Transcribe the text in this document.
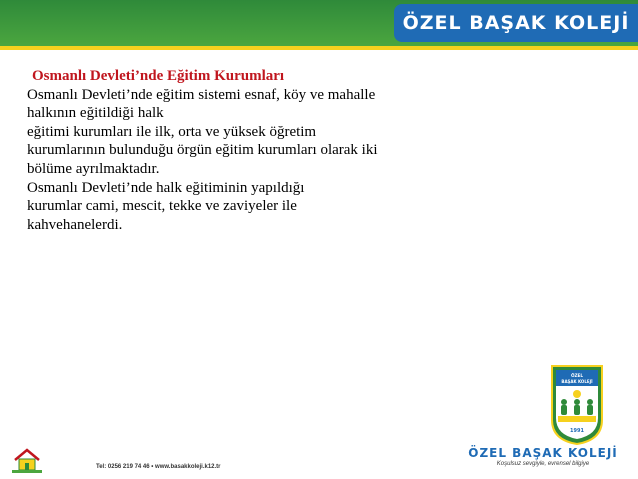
ÖZEL BAŞAK KOLEJİ
Osmanlı Devleti’nde Eğitim Kurumları
Osmanlı Devleti’nde eğitim sistemi esnaf, köy ve mahalle
halkının eğitildiği halk
eğitimi kurumları ile ilk, orta ve yüksek öğretim
kurumlarının bulunduğu örgün eğitim kurumları olarak iki
bölüme ayrılmaktadır.
Osmanlı Devleti’nde halk eğitiminin yapıldığı
kurumlar cami, mescit, tekke ve zaviyeler ile
kahvehanelerdi.
ÖZEL
BAŞAK KOLEJİ
1991
ÖZEL BAŞAK KOLEJİ
Koşulsuz sevgiyle, evrensel bilgiye
Tel: 0256 219 74 46 • www.basakkoleji.k12.tr
